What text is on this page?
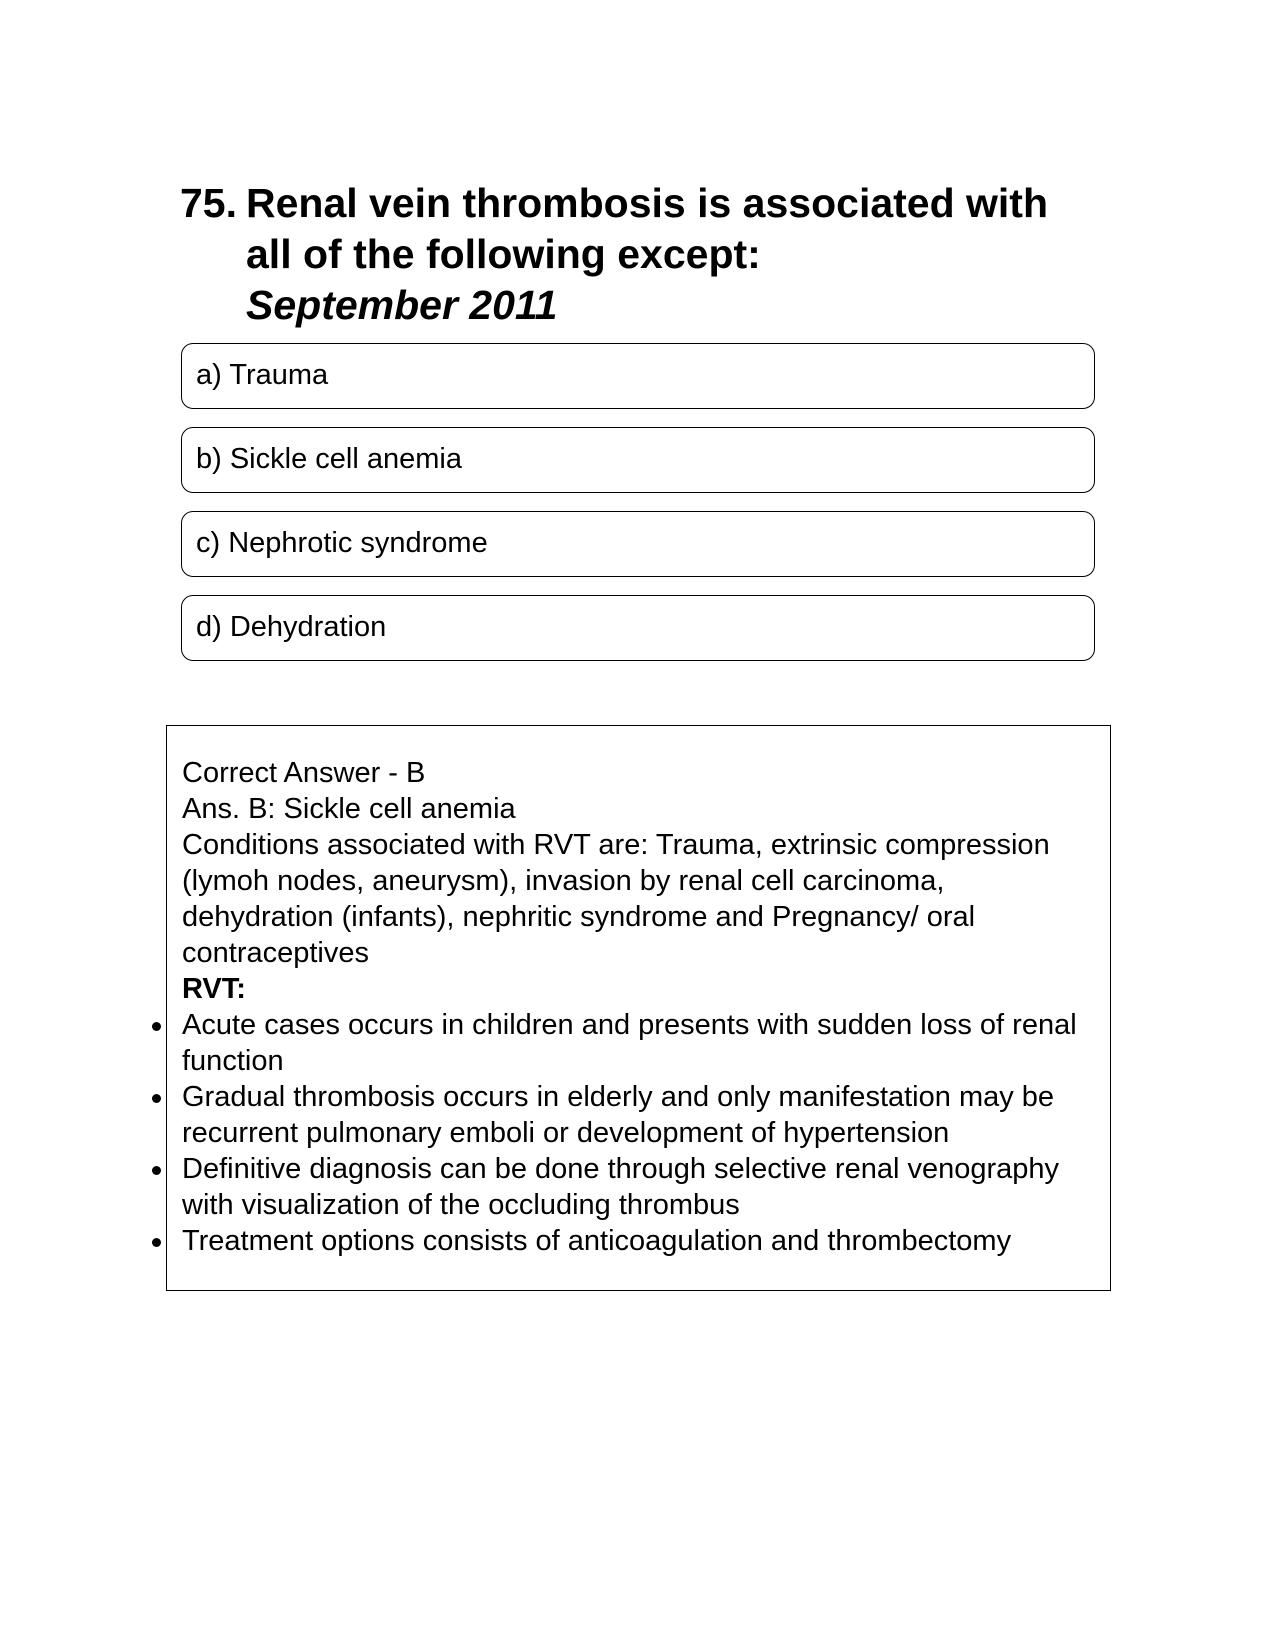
75. Renal vein thrombosis is associated with all of the following except:
September 2011
a) Trauma
b) Sickle cell anemia
c) Nephrotic syndrome
d) Dehydration
Correct Answer - B
Ans. B: Sickle cell anemia
Conditions associated with RVT are: Trauma, extrinsic compression (lymoh nodes, aneurysm), invasion by renal cell carcinoma, dehydration (infants), nephritic syndrome and Pregnancy/ oral contraceptives
RVT:
Acute cases occurs in children and presents with sudden loss of renal function
Gradual thrombosis occurs in elderly and only manifestation may be recurrent pulmonary emboli or development of hypertension
Definitive diagnosis can be done through selective renal venography with visualization of the occluding thrombus
Treatment options consists of anticoagulation and thrombectomy
